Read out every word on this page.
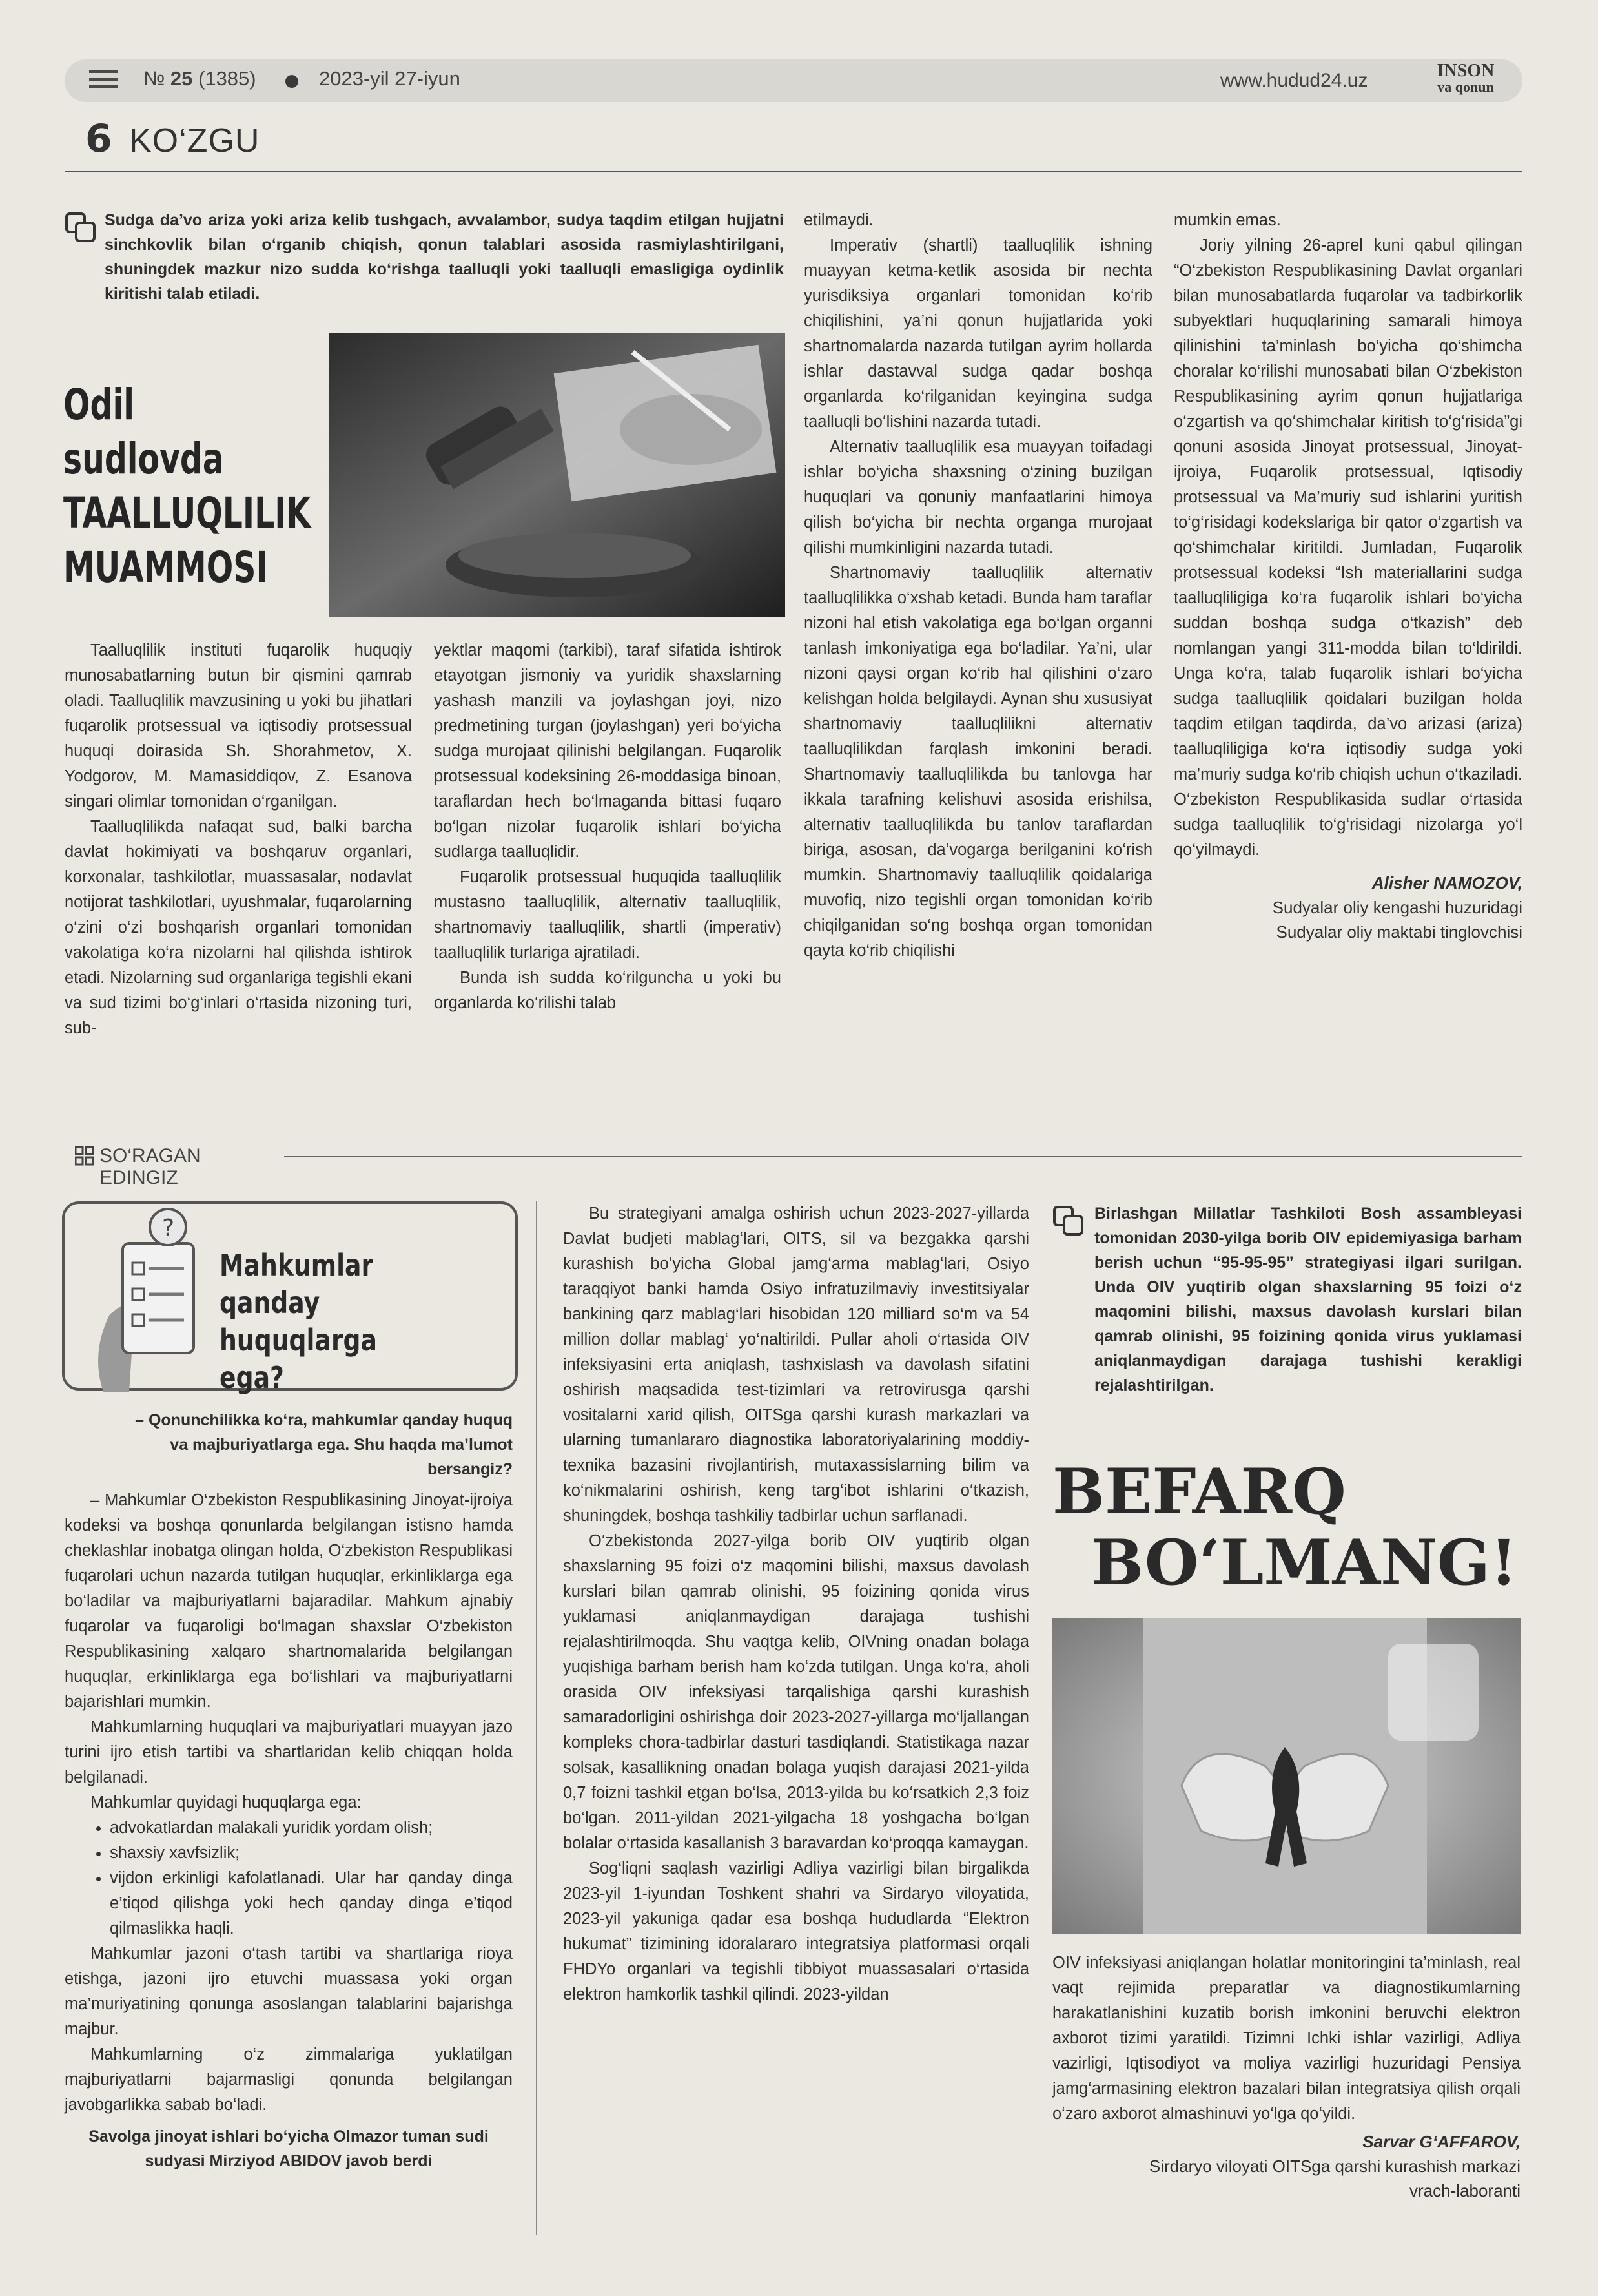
№ 25 (1385)	2023-yil 27-iyun	www.hudud24.uz	INSON
va qonun
6 KO‘ZGU
Sudga da’vo ariza yoki ariza kelib tushgach, avvalambor, sudya taqdim etilgan hujjatni sinchkovlik bilan o‘rganib chiqish, qonun talablari asosida rasmiylashtirilgani, shuningdek mazkur nizo sudda ko‘rishga taalluqli yoki taalluqli emasligiga oydinlik kiritishi talab etiladi.
Odil sudlovda
TAALLUQLILIK
MUAMMOSI

Taalluqlilik instituti fuqarolik huquqiy munosabatlarning butun bir qismini qamrab oladi. Taalluqlilik mavzusining u yoki bu jihatlari fuqarolik protsessual va iqtisodiy protsessual huquqi doirasida Sh. Shorahmetov, X. Yodgorov, M. Mamasiddiqov, Z. Esanova singari olimlar tomonidan o‘rganilgan.

Taalluqlilikda nafaqat sud, balki barcha davlat hokimiyati va boshqaruv organlari, korxonalar, tashkilotlar, muassasalar, nodavlat notijorat tashkilotlari, uyushmalar, fuqarolarning o‘zini o‘zi boshqarish organlari tomonidan vakolatiga ko‘ra nizolarni hal qilishda ishtirok etadi. Nizolarning sud organlariga tegishli ekani va sud tizimi bo‘g‘inlari o‘rtasida nizoning turi, sub-

yektlar maqomi (tarkibi), taraf sifatida ishtirok etayotgan jismoniy va yuridik shaxslarning yashash manzili va joylashgan joyi, nizo predmetining turgan (joylashgan) yeri bo‘yicha sudga murojaat qilinishi belgilangan. Fuqarolik protsessual kodeksining 26-moddasiga binoan, taraflardan hech bo‘lmaganda bittasi fuqaro bo‘lgan nizolar fuqarolik ishlari bo‘yicha sudlarga taalluqlidir.

Fuqarolik protsessual huquqida taalluqlilik mustasno taalluqlilik, alternativ taalluqlilik, shartnomaviy taalluqlilik, shartli (imperativ) taalluqlilik turlariga ajratiladi.

Bunda ish sudda ko‘rilguncha u yoki bu organlarda ko‘rilishi talab

etilmaydi.

Imperativ (shartli) taalluqlilik ishning muayyan ketma-ketlik asosida bir nechta yurisdiksiya organlari tomonidan ko‘rib chiqilishini, ya’ni qonun hujjatlarida yoki shartnomalarda nazarda tutilgan ayrim hollarda ishlar dastavval sudga qadar boshqa organlarda ko‘rilganidan keyingina sudga taalluqli bo‘lishini nazarda tutadi.

Alternativ taalluqlilik esa muayyan toifadagi ishlar bo‘yicha shaxsning o‘zining buzilgan huquqlari va qonuniy manfaatlarini himoya qilish bo‘yicha bir nechta organga murojaat qilishi mumkinligini nazarda tutadi.

Shartnomaviy taalluqlilik alternativ taalluqlilikka o‘xshab ketadi. Bunda ham taraflar nizoni hal etish vakolatiga ega bo‘lgan organni tanlash imkoniyatiga ega bo‘ladilar. Ya’ni, ular nizoni qaysi organ ko‘rib hal qilishini o‘zaro kelishgan holda belgilaydi. Aynan shu xususiyat shartnomaviy taalluqlilikni alternativ taalluqlilikdan farqlash imkonini beradi. Shartnomaviy taalluqlilikda bu tanlovga har ikkala tarafning kelishuvi asosida erishilsa, alternativ taalluqlilikda bu tanlov taraflardan biriga, asosan, da’vogarga berilganini ko‘rish mumkin. Shartnomaviy taalluqlilik qoidalariga muvofiq, nizo tegishli organ tomonidan ko‘rib chiqilganidan so‘ng boshqa organ tomonidan qayta ko‘rib chiqilishi

mumkin emas.

Joriy yilning 26-aprel kuni qabul qilingan “O‘zbekiston Respublikasining Davlat organlari bilan munosabatlarda fuqarolar va tadbirkorlik subyektlari huquqlarining samarali himoya qilinishini ta’minlash bo‘yicha qo‘shimcha choralar ko‘rilishi munosabati bilan O‘zbekiston Respublikasining ayrim qonun hujjatlariga o‘zgartish va qo‘shimchalar kiritish to‘g‘risida”gi qonuni asosida Jinoyat protsessual, Jinoyat-ijroiya, Fuqarolik protsessual, Iqtisodiy protsessual va Ma’muriy sud ishlarini yuritish to‘g‘risidagi kodekslariga bir qator o‘zgartish va qo‘shimchalar kiritildi. Jumladan, Fuqarolik protsessual kodeksi “Ish materiallarini sudga taalluqliligiga ko‘ra fuqarolik ishlari bo‘yicha suddan boshqa sudga o‘tkazish” deb nomlangan yangi 311-modda bilan to‘ldirildi. Unga ko‘ra, talab fuqarolik ishlari bo‘yicha sudga taalluqlilik qoidalari buzilgan holda taqdim etilgan taqdirda, da’vo arizasi (ariza) taalluqliligiga ko‘ra iqtisodiy sudga yoki ma’muriy sudga ko‘rib chiqish uchun o‘tkaziladi. O‘zbekiston Respublikasida sudlar o‘rtasida sudga taalluqlilik to‘g‘risidagi nizolarga yo‘l qo‘yilmaydi.

Alisher NAMOZOV,
Sudyalar oliy kengashi huzuridagi
Sudyalar oliy maktabi tinglovchisi
SO‘RAGAN EDINGIZ
?
Mahkumlar qanday
huquqlarga ega?
– Qonunchilikka ko‘ra, mahkumlar qanday huquq va majburiyatlarga ega. Shu haqda ma’lumot bersangiz?

– Mahkumlar O‘zbekiston Respublikasining Jinoyat-ijroiya kodeksi va boshqa qonunlarda belgilangan istisno hamda cheklashlar inobatga olingan holda, O‘zbekiston Respublikasi fuqarolari uchun nazarda tutilgan huquqlar, erkinliklarga ega bo‘ladilar va majburiyatlarni bajaradilar. Mahkum ajnabiy fuqarolar va fuqaroligi bo‘lmagan shaxslar O‘zbekiston Respublikasining xalqaro shartnomalarida belgilangan huquqlar, erkinliklarga ega bo‘lishlari va majburiyatlarni bajarishlari mumkin.

Mahkumlarning huquqlari va majburiyatlari muayyan jazo turini ijro etish tartibi va shartlaridan kelib chiqqan holda belgilanadi.

Mahkumlar quyidagi huquqlarga ega:

• advokatlardan malakali yuridik yordam olish;
• shaxsiy xavfsizlik;
• vijdon erkinligi kafolatlanadi. Ular har qanday dinga e’tiqod qilishga yoki hech qanday dinga e’tiqod qilmaslikka haqli.

Mahkumlar jazoni o‘tash tartibi va shartlariga rioya etishga, jazoni ijro etuvchi muassasa yoki organ ma’muriyatining qonunga asoslangan talablarini bajarishga majbur.

Mahkumlarning o‘z zimmalariga yuklatilgan majburiyatlarni bajarmasligi qonunda belgilangan javobgarlikka sabab bo‘ladi.

Savolga jinoyat ishlari bo‘yicha Olmazor tuman sudi sudyasi Mirziyod ABIDOV javob berdi

Bu strategiyani amalga oshirish uchun 2023-2027-yillarda Davlat budjeti mablag‘lari, OITS, sil va bezgakka qarshi kurashish bo‘yicha Global jamg‘arma mablag‘lari, Osiyo taraqqiyot banki hamda Osiyo infratuzilmaviy investitsiyalar bankining qarz mablag‘lari hisobidan 120 milliard so‘m va 54 million dollar mablag‘ yo‘naltirildi. Pullar aholi o‘rtasida OIV infeksiyasini erta aniqlash, tashxislash va davolash sifatini oshirish maqsadida test-tizimlari va retrovirusga qarshi vositalarni xarid qilish, OITSga qarshi kurash markazlari va ularning tumanlararo diagnostika laboratoriyalarining moddiy-texnika bazasini rivojlantirish, mutaxassislarning bilim va ko‘nikmalarini oshirish, keng targ‘ibot ishlarini o‘tkazish, shuningdek, boshqa tashkiliy tadbirlar uchun sarflanadi.

O‘zbekistonda 2027-yilga borib OIV yuqtirib olgan shaxslarning 95 foizi o‘z maqomini bilishi, maxsus davolash kurslari bilan qamrab olinishi, 95 foizining qonida virus yuklamasi aniqlanmaydigan darajaga tushishi rejalashtirilmoqda. Shu vaqtga kelib, OIVning onadan bolaga yuqishiga barham berish ham ko‘zda tutilgan. Unga ko‘ra, aholi orasida OIV infeksiyasi tarqalishiga qarshi kurashish samaradorligini oshirishga doir 2023-2027-yillarga mo‘ljallangan kompleks chora-tadbirlar dasturi tasdiqlandi. Statistikaga nazar solsak, kasallikning onadan bolaga yuqish darajasi 2021-yilda 0,7 foizni tashkil etgan bo‘lsa, 2013-yilda bu ko‘rsatkich 2,3 foiz bo‘lgan. 2011-yildan 2021-yilgacha 18 yoshgacha bo‘lgan bolalar o‘rtasida kasallanish 3 baravardan ko‘proqqa kamaygan.

Sog‘liqni saqlash vazirligi Adliya vazirligi bilan birgalikda 2023-yil 1-iyundan Toshkent shahri va Sirdaryo viloyatida, 2023-yil yakuniga qadar esa boshqa hududlarda “Elektron hukumat” tizimining idoralararo integratsiya platformasi orqali FHDYo organlari va tegishli tibbiyot muassasalari o‘rtasida elektron hamkorlik tashkil qilindi. 2023-yildan

Birlashgan Millatlar Tashkiloti Bosh assambleyasi tomonidan 2030-yilga borib OIV epidemiyasiga barham berish uchun “95-95-95” strategiyasi ilgari surilgan. Unda OIV yuqtirib olgan shaxslarning 95 foizi o‘z maqomini bilishi, maxsus davolash kurslari bilan qamrab olinishi, 95 foizining qonida virus yuklamasi aniqlanmaydigan darajaga tushishi kerakligi rejalashtirilgan.
BEFARQ
BO‘LMANG!

OIV infeksiyasi aniqlangan holatlar monitoringini ta’minlash, real vaqt rejimida preparatlar va diagnostikumlarning harakatlanishini kuzatib borish imkonini beruvchi elektron axborot tizimi yaratildi. Tizimni Ichki ishlar vazirligi, Adliya vazirligi, Iqtisodiyot va moliya vazirligi huzuridagi Pensiya jamg‘armasining elektron bazalari bilan integratsiya qilish orqali o‘zaro axborot almashinuvi yo‘lga qo‘yildi.

Sarvar G‘AFFAROV,
Sirdaryo viloyati OITSga qarshi kurashish markazi
vrach-laboranti
